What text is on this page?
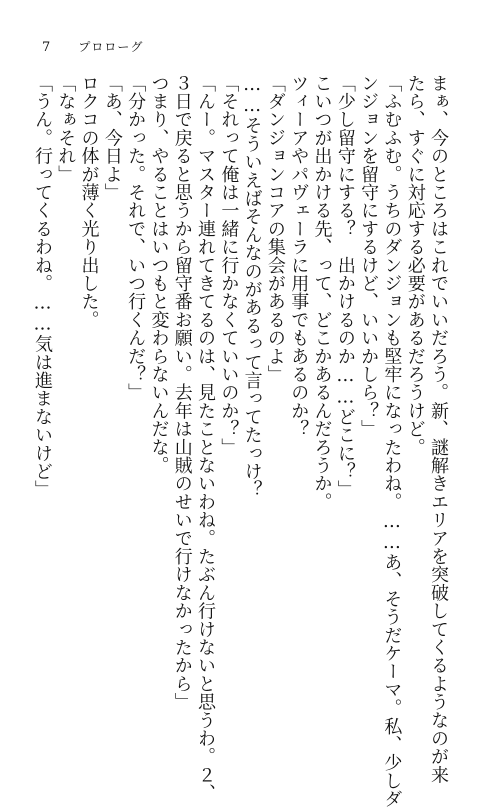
7 プロローグ
まぁ、今のところはこれでいいだろう。新、謎解きエリアを突破してくるようなのが来
たら、すぐに対応する必要があるだろうけど。
「ふむふむ。うちのダンジョンも堅牢になったわね。……あ、そうだケーマ。私、少しダ
ンジョンを留守にするけど、いいかしら？」
「少し留守にする？　出かけるのか……どこに？」
こいつが出かける先、って、どこかあるんだろうか。
ツィーアやパヴェーラに用事でもあるのか？
「ダンジョンコアの集会があるのよ」
……そういえばそんなのがあるって言ってたっけ？
「それって俺は一緒に行かなくていいのか？」
「んー。マスター連れてきてるのは、見たことないわね。たぶん行けないと思うわ。２、
３日で戻ると思うから留守番お願い。去年は山賊のせいで行けなかったから」
つまり、やることはいつもと変わらないんだな。
「分かった。それで、いつ行くんだ？」
「あ、今日よ」
ロクコの体が薄く光り出した。
「なぁそれ」
「うん。行ってくるわね。……気は進まないけど」
